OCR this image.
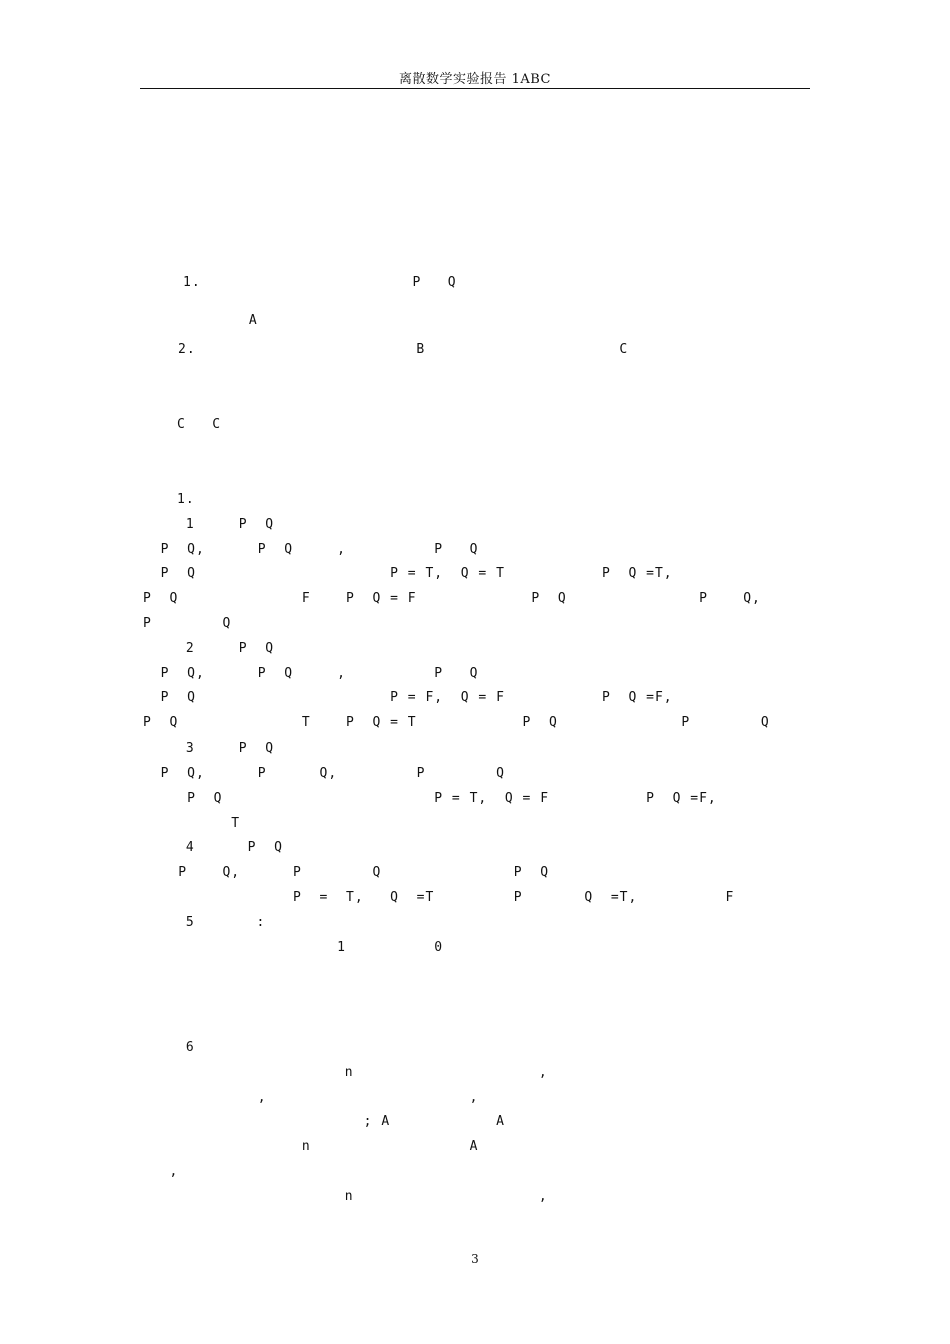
离散数学实验报告 1ABC

1.                        P   Q
A
2.                         B                      C

C   C

1.
1     P  Q
P  Q,      P  Q     ,          P   Q
P  Q                      P = T,  Q = T           P  Q =T,
P  Q              F    P  Q = F             P  Q               P    Q,
P        Q
2     P  Q
P  Q,      P  Q     ,          P   Q
P  Q                      P = F,  Q = F           P  Q =F,
P  Q              T    P  Q = T            P  Q              P        Q
3     P  Q
P  Q,      P      Q,         P        Q
P  Q                        P = T,  Q = F           P  Q =F,
T
4      P  Q
P    Q,      P        Q               P  Q
P  =  T,   Q  =T         P       Q  =T,          F
5       :
1          0

6
n                     ,
,                       ,
; A            A
n                  A
,
n                     ,
3
